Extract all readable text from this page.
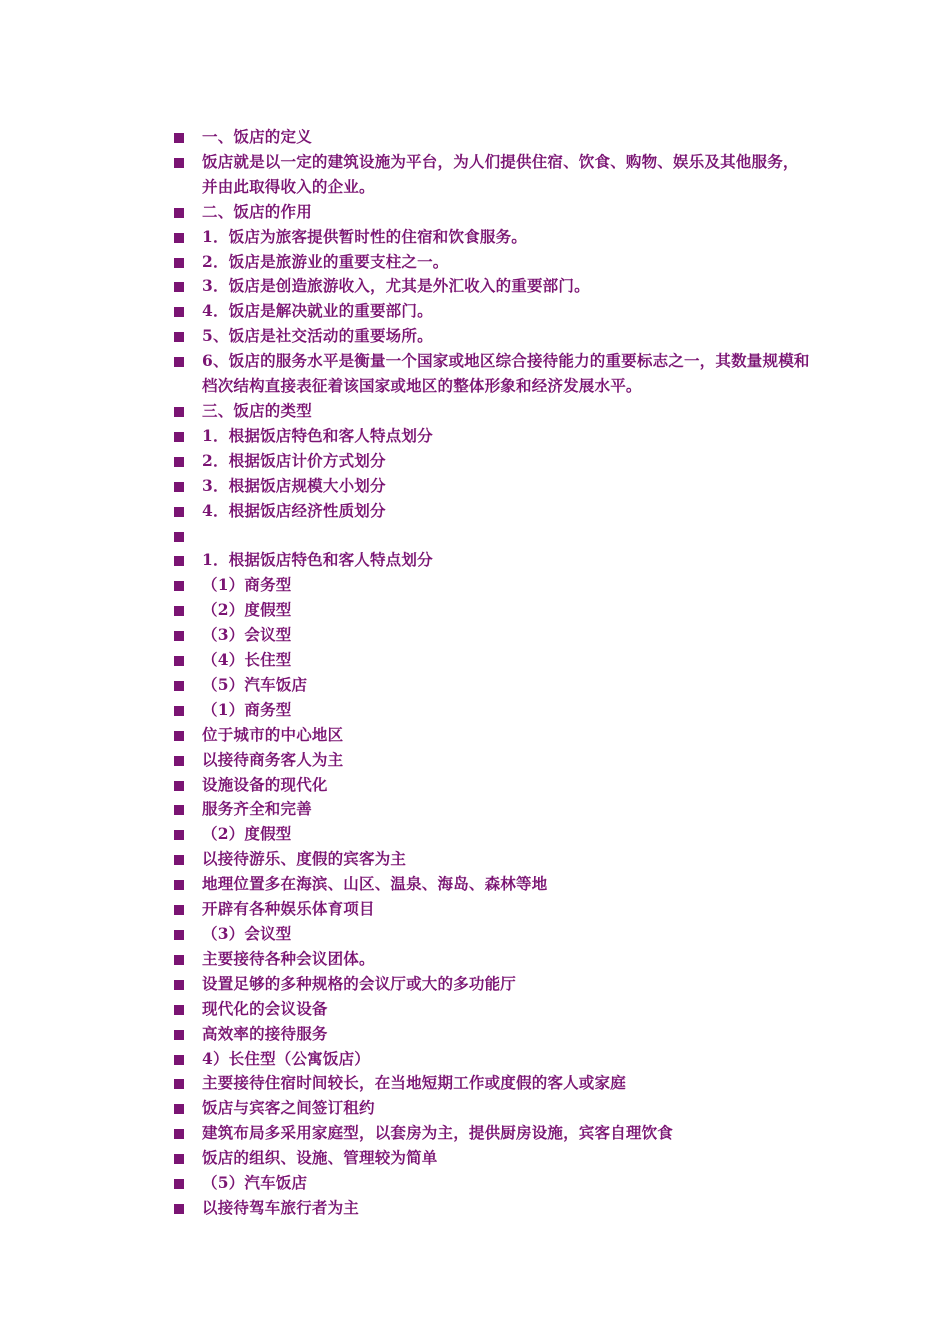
一、饭店的定义
饭店就是以一定的建筑设施为平台，为人们提供住宿、饮食、购物、娱乐及其他服务，并由此取得收入的企业。
二、饭店的作用
1．饭店为旅客提供暂时性的住宿和饮食服务。
2．饭店是旅游业的重要支柱之一。
3．饭店是创造旅游收入，尤其是外汇收入的重要部门。
4．饭店是解决就业的重要部门。
5、饭店是社交活动的重要场所。
6、饭店的服务水平是衡量一个国家或地区综合接待能力的重要标志之一，其数量规模和档次结构直接表征着该国家或地区的整体形象和经济发展水平。
三、饭店的类型
1．根据饭店特色和客人特点划分
2．根据饭店计价方式划分
3．根据饭店规模大小划分
4．根据饭店经济性质划分
1．根据饭店特色和客人特点划分
（1）商务型
（2）度假型
（3）会议型
（4）长住型
（5）汽车饭店
（1）商务型
位于城市的中心地区
以接待商务客人为主
设施设备的现代化
服务齐全和完善
（2）度假型
以接待游乐、度假的宾客为主
地理位置多在海滨、山区、温泉、海岛、森林等地
开辟有各种娱乐体育项目
（3）会议型
主要接待各种会议团体。
设置足够的多种规格的会议厅或大的多功能厅
现代化的会议设备
高效率的接待服务
4）长住型（公寓饭店）
主要接待住宿时间较长，在当地短期工作或度假的客人或家庭
饭店与宾客之间签订租约
建筑布局多采用家庭型，以套房为主，提供厨房设施，宾客自理饮食
饭店的组织、设施、管理较为简单
（5）汽车饭店
以接待驾车旅行者为主
